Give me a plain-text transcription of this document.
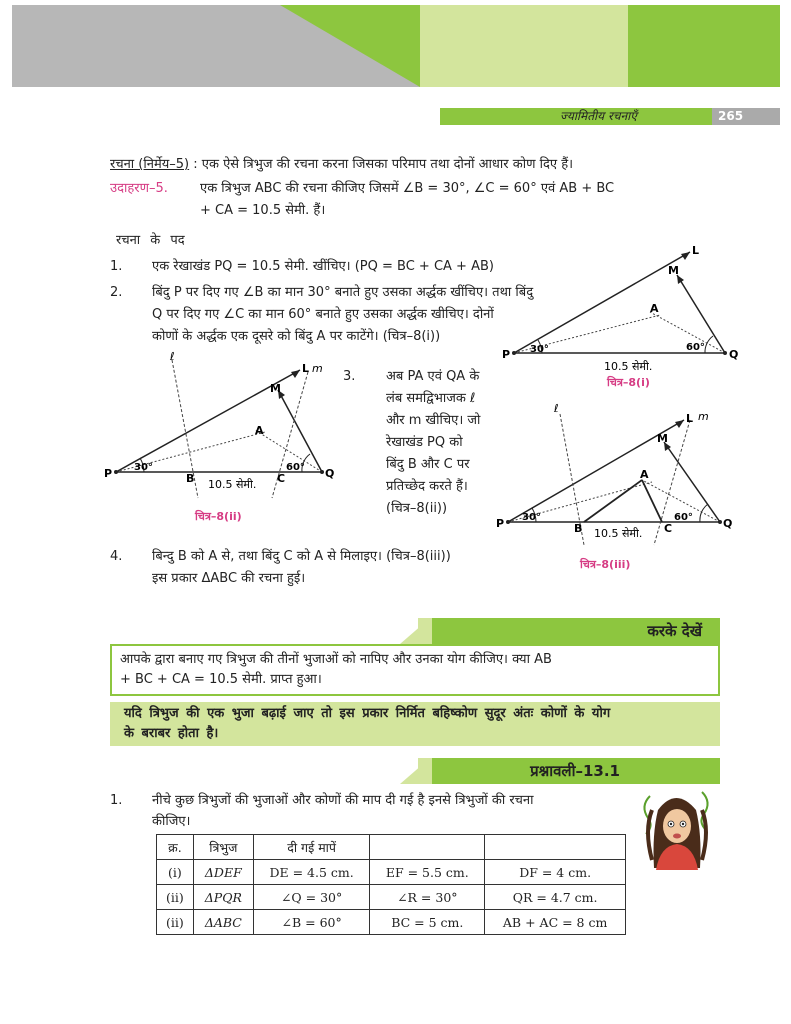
ज्यामितीय रचनाएँ	265
रचना (निर्मेय–5) : एक ऐसे त्रिभुज की रचना करना जिसका परिमाप तथा दोनों आधार कोण दिए हैं।
उदाहरण–5. एक त्रिभुज ABC की रचना कीजिए जिसमें ∠B = 30°, ∠C = 60° एवं AB + BC
+ CA = 10.5 सेमी. हैं।
रचना के पद
1. एक रेखाखंड PQ = 10.5 सेमी. खींचिए। (PQ = BC + CA + AB)
2. बिंदु P पर दिए गए ∠B का मान 30° बनाते हुए उसका अर्द्धक खींचिए। तथा बिंदु
Q पर दिए गए ∠C का मान 60° बनाते हुए उसका अर्द्धक खीचिए। दोनों
कोणों के अर्द्धक एक दूसरे को बिंदु A पर काटेंगे। (चित्र–8(i))
P	Q
L
M
A
30°	60°
10.5 सेमी.
चित्र–8(i)
P	Q
L m
M
A
B	C
ℓ
30°	60°
10.5 सेमी.
चित्र–8(ii)
3. अब PA एवं QA के
लंब समद्विभाजक ℓ
और m खीचिए। जो
रेखाखंड PQ को
बिंदु B और C पर
प्रतिच्छेद करते हैं।
(चित्र–8(ii))
P	Q
L m
M
A
B	C
ℓ
30°	60°
10.5 सेमी.
चित्र–8(iii)
4. बिन्दु B को A से, तथा बिंदु C को A से मिलाइए। (चित्र–8(iii))
इस प्रकार ΔABC की रचना हुई।
करके देखें
आपके द्वारा बनाए गए त्रिभुज की तीनों भुजाओं को नापिए और उनका योग कीजिए। क्या AB
+ BC + CA = 10.5 सेमी. प्राप्त हुआ।
यदि त्रिभुज की एक भुजा बढ़ाई जाए तो इस प्रकार निर्मित बहिष्कोण सुदूर अंतः कोणों के योग
के बराबर होता है।
प्रश्नावली–13.1
1. नीचे कुछ त्रिभुजों की भुजाओं और कोणों की माप दी गई है इनसे त्रिभुजों की रचना
कीजिए।
क्र.	त्रिभुज	दी गई मापें		
(i)	ΔDEF	DE = 4.5 cm.	EF = 5.5 cm.	DF = 4 cm.
(ii)	ΔPQR	∠Q = 30°	∠R = 30°	QR = 4.7 cm.
(ii)	ΔABC	∠B = 60°	BC = 5 cm.	AB + AC = 8 cm
